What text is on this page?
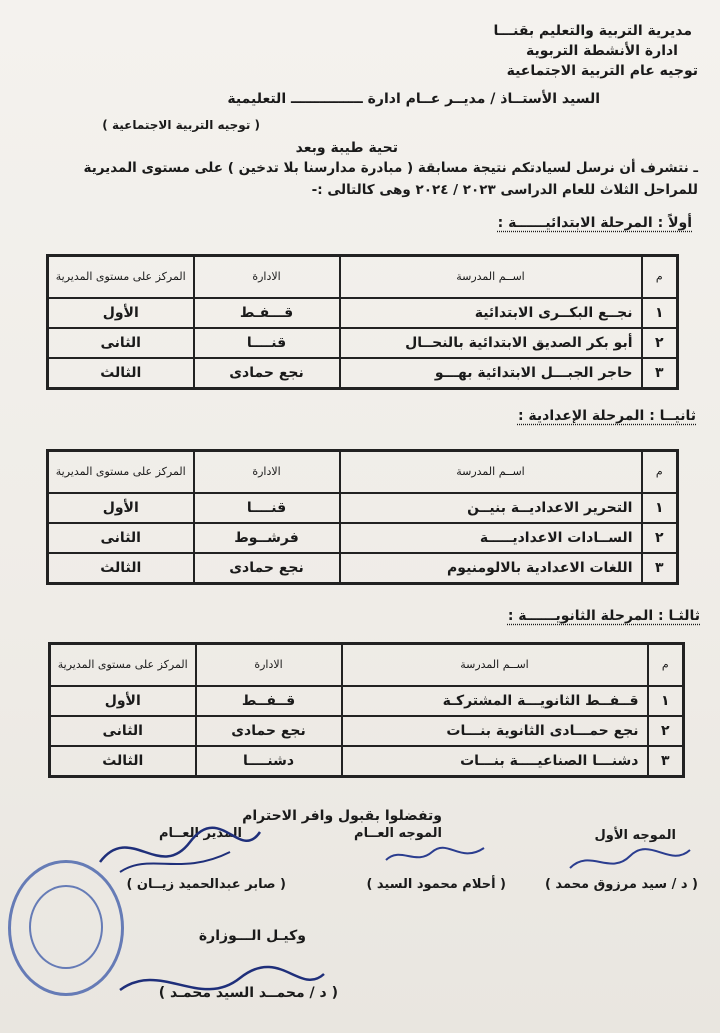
مديرية التربية والتعليم بقنـــا
ادارة الأنشطة التربوية
توجيه عام التربية الاجتماعية
السيد الأستــاذ / مديــر عــام ادارة ـــــــــــــــ التعليمية
( توجيه التربية الاجتماعية )
تحية طيبة وبعد
ـ نتشرف أن نرسل لسيادتكم نتيجة مسابقة ( مبادرة مدارسنا بلا تدخين ) على مستوى المديرية
للمراحل الثلاث للعام الدراسى ٢٠٢٣ / ٢٠٢٤ وهى كالتالى :-
أولاً : المرحلة الابتدائيــــــة :
م	اســم المدرسة	الادارة	المركز على مستوى المديرية
١	نجــع البكــرى الابتدائية	قـــفـط	الأول
٢	أبو بكر الصديق الابتدائية بالنحــال	قنــــا	الثانى
٣	حاجر الجبـــل الابتدائية بهـــو	نجع حمادى	الثالث
ثانيــا : المرحلة الإعدادية :
م	اســم المدرسة	الادارة	المركز على مستوى المديرية
١	التحرير الاعداديــة بنيــن	قنــــا	الأول
٢	الســادات الاعداديـــــة	فرشــوط	الثانى
٣	اللغات الاعدادية بالالومنيوم	نجع حمادى	الثالث
ثالثـا : المرحلة الثانويــــــة :
م	اســم المدرسة	الادارة	المركز على مستوى المديرية
١	قــفــط الثانويـــة المشتركـة	قــفــط	الأول
٢	نجع حمـــادى الثانوية بنـــات	نجع حمادى	الثانى
٣	دشنـــا الصناعيــــة بنـــات	دشنــــا	الثالث
وتفضلوا بقبول وافر الاحترام
الموجه الأول
( د / سيد مرزوق محمد )
الموجه العــام
( أحلام محمود السيد )
المدير العــام
( صابر عبدالحميد زيــان )
وكيـل الـــوزارة
( د / محمــد السيد محمـد )
